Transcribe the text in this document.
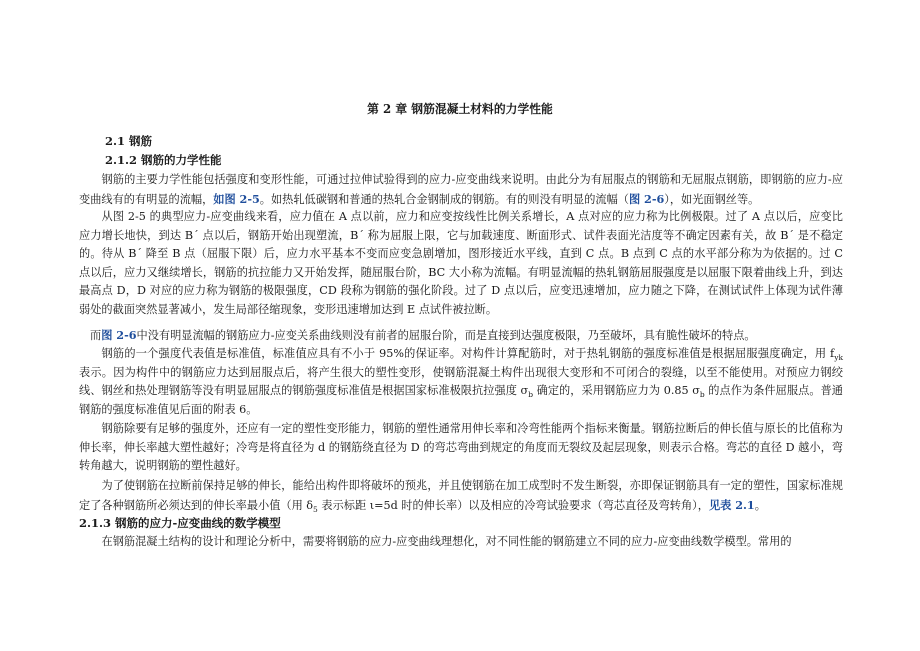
第 2 章 钢筋混凝土材料的力学性能

2.1 钢筋

2.1.2 钢筋的力学性能

钢筋的主要力学性能包括强度和变形性能，可通过拉伸试验得到的应力-应变曲线来说明。由此分为有屈服点的钢筋和无屈服点钢筋，即钢筋的应力-应变曲线有的有明显的流幅，如图 2-5。如热轧低碳钢和普通的热轧合金钢制成的钢筋。有的则没有明显的流幅（图 2-6），如光面钢丝等。

从图 2-5 的典型应力-应变曲线来看，应力值在 A 点以前，应力和应变按线性比例关系增长，A 点对应的应力称为比例极限。过了 A 点以后，应变比应力增长地快，到达 B´ 点以后，钢筋开始出现塑流，B´ 称为屈服上限，它与加载速度、断面形式、试件表面光洁度等不确定因素有关，故 B´ 是不稳定的。待从 B´ 降至 B 点（屈服下限）后，应力水平基本不变而应变急剧增加，图形接近水平线，直到 C 点。B 点到 C 点的水平部分称为为依据的。过 C 点以后，应力又继续增长，钢筋的抗拉能力又开始发挥，随屈服台阶，BC 大小称为流幅。有明显流幅的热轧钢筋屈服强度是以屈服下限着曲线上升，到达最高点 D，D 对应的应力称为钢筋的极限强度，CD 段称为钢筋的强化阶段。过了 D 点以后，应变迅速增加，应力随之下降，在测试试件上体现为试件薄弱处的截面突然显著减小，发生局部径缩现象，变形迅速增加达到 E 点试件被拉断。

而图 2-6中没有明显流幅的钢筋应力-应变关系曲线则没有前者的屈服台阶，而是直接到达强度极限，乃至破坏，具有脆性破坏的特点。

钢筋的一个强度代表值是标准值，标准值应具有不小于 95%的保证率。对构件计算配筋时，对于热轧钢筋的强度标准值是根据屈服强度确定，用 $f_{yk}$ 表示。因为构件中的钢筋应力达到屈服点后，将产生很大的塑性变形，使钢筋混凝土构件出现很大变形和不可闭合的裂缝，以至不能使用。对预应力钢绞线、钢丝和热处理钢筋等没有明显屈服点的钢筋强度标准值是根据国家标准极限抗拉强度 $\sigma_b$ 确定的，采用钢筋应力为 0.85 $\sigma_b$ 的点作为条件屈服点。普通钢筋的强度标准值见后面的附表 6。

钢筋除要有足够的强度外，还应有一定的塑性变形能力，钢筋的塑性通常用伸长率和冷弯性能两个指标来衡量。钢筋拉断后的伸长值与原长的比值称为伸长率，伸长率越大塑性越好；冷弯是将直径为 d 的钢筋绕直径为 D 的弯芯弯曲到规定的角度而无裂纹及起层现象，则表示合格。弯芯的直径 D 越小，弯转角越大，说明钢筋的塑性越好。

为了使钢筋在拉断前保持足够的伸长，能给出构件即将破坏的预兆，并且使钢筋在加工成型时不发生断裂，亦即保证钢筋具有一定的塑性，国家标准规定了各种钢筋所必须达到的伸长率最小值（用 $\delta_5$ 表示标距 ι=5d 时的伸长率）以及相应的冷弯试验要求（弯芯直径及弯转角），见表 2.1。

2.1.3 钢筋的应力-应变曲线的数学模型

在钢筋混凝土结构的设计和理论分析中，需要将钢筋的应力-应变曲线理想化，对不同性能的钢筋建立不同的应力-应变曲线数学模型。常用的
